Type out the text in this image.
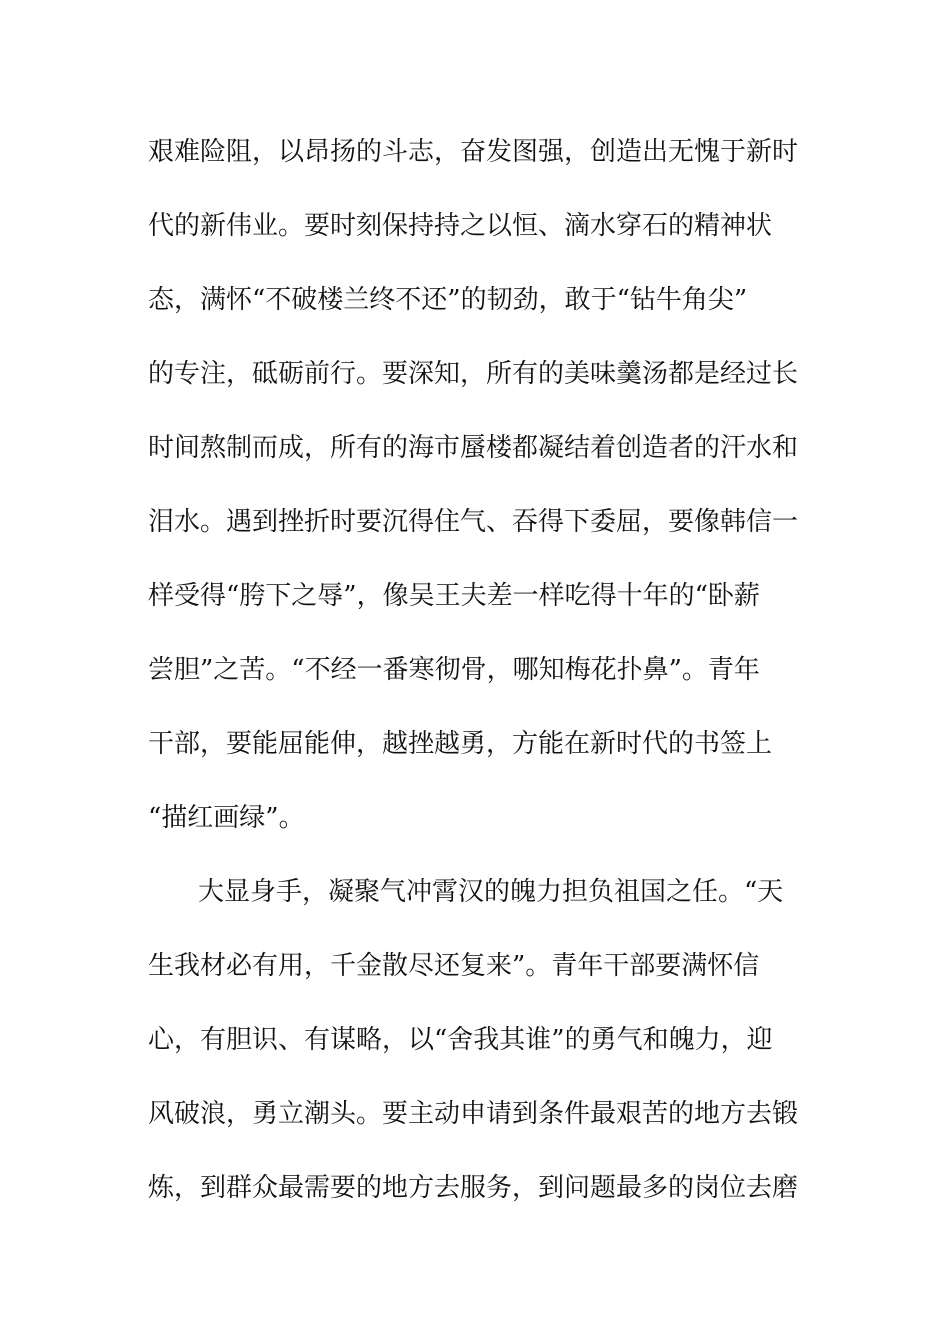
艰难险阻，以昂扬的斗志，奋发图强，创造出无愧于新时
代的新伟业。要时刻保持持之以恒、滴水穿石的精神状
态，满怀“不破楼兰终不还”的韧劲，敢于“钻牛角尖”
的专注，砥砺前行。要深知，所有的美味羹汤都是经过长
时间熬制而成，所有的海市蜃楼都凝结着创造者的汗水和
泪水。遇到挫折时要沉得住气、吞得下委屈，要像韩信一
样受得“胯下之辱”，像吴王夫差一样吃得十年的“卧薪
尝胆”之苦。“不经一番寒彻骨，哪知梅花扑鼻”。青年
干部，要能屈能伸，越挫越勇，方能在新时代的书签上
“描红画绿”。
大显身手，凝聚气冲霄汉的魄力担负祖国之任。“天
生我材必有用，千金散尽还复来”。青年干部要满怀信
心，有胆识、有谋略，以“舍我其谁”的勇气和魄力，迎
风破浪，勇立潮头。要主动申请到条件最艰苦的地方去锻
炼，到群众最需要的地方去服务，到问题最多的岗位去磨
